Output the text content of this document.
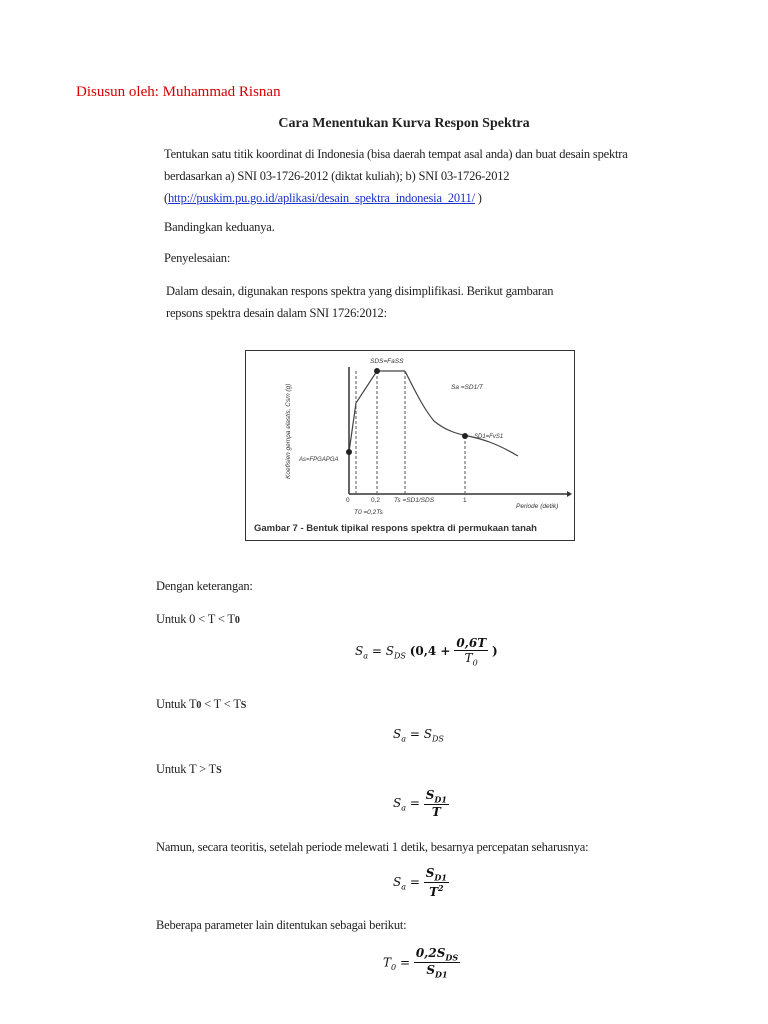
Disusun oleh: Muhammad Risnan
Cara Menentukan Kurva Respon Spektra
Tentukan satu titik koordinat di Indonesia (bisa daerah tempat asal anda) dan buat desain spektra
berdasarkan a) SNI 03-1726-2012 (diktat kuliah); b) SNI 03-1726-2012
(http://puskim.pu.go.id/aplikasi/desain_spektra_indonesia_2011/ )
Bandingkan keduanya.
Penyelesaian:
Dalam desain, digunakan respons spektra yang disimplifikasi. Berikut gambaran
repsons spektra desain dalam SNI 1726:2012:
SDS=FaSS
Sa =SD1/T
SD1=FvS1
As=FPGAPGA
Koefisien gempa elastis, Csm (g)
Periode (detik)
0	0,2 Ts =SD1/SDS	1
T0 =0,2Ts
Gambar 7 - Bentuk tipikal respons spektra di permukaan tanah
Dengan keterangan:
Untuk 0 < T < T0
$S_a = S_{DS}$ ($0,4 + \frac{0,6T}{T_0}$ )
Untuk T0 < T < TS
$S_a = S_{DS}$
Untuk T > TS
$S_a = \frac{S_{D1}}{T}$
Namun, secara teoritis, setelah periode melewati 1 detik, besarnya percepatan seharusnya:
$S_a = \frac{S_{D1}}{T^2}$
Beberapa parameter lain ditentukan sebagai berikut:
$T_0 = \frac{0,2S_{DS}}{S_{D1}}$
